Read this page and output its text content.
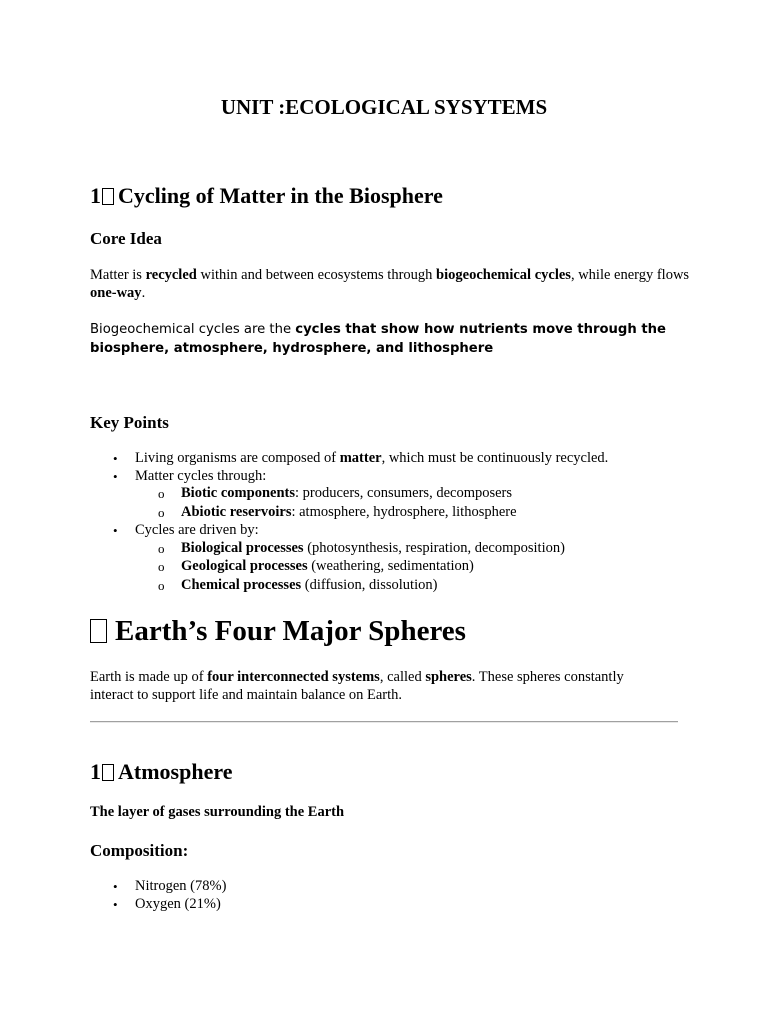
UNIT :ECOLOGICAL SYSYTEMS
1 Cycling of Matter in the Biosphere
Core Idea
Matter is recycled within and between ecosystems through biogeochemical cycles, while energy flows one-way.
Biogeochemical cycles are the cycles that show how nutrients move through the biosphere, atmosphere, hydrosphere, and lithosphere
Key Points
• Living organisms are composed of matter, which must be continuously recycled.
• Matter cycles through:
o Biotic components: producers, consumers, decomposers
o Abiotic reservoirs: atmosphere, hydrosphere, lithosphere
• Cycles are driven by:
o Biological processes (photosynthesis, respiration, decomposition)
o Geological processes (weathering, sedimentation)
o Chemical processes (diffusion, dissolution)
Earth’s Four Major Spheres
Earth is made up of four interconnected systems, called spheres. These spheres constantly interact to support life and maintain balance on Earth.
1 Atmosphere
The layer of gases surrounding the Earth
Composition:
• Nitrogen (78%)
• Oxygen (21%)
